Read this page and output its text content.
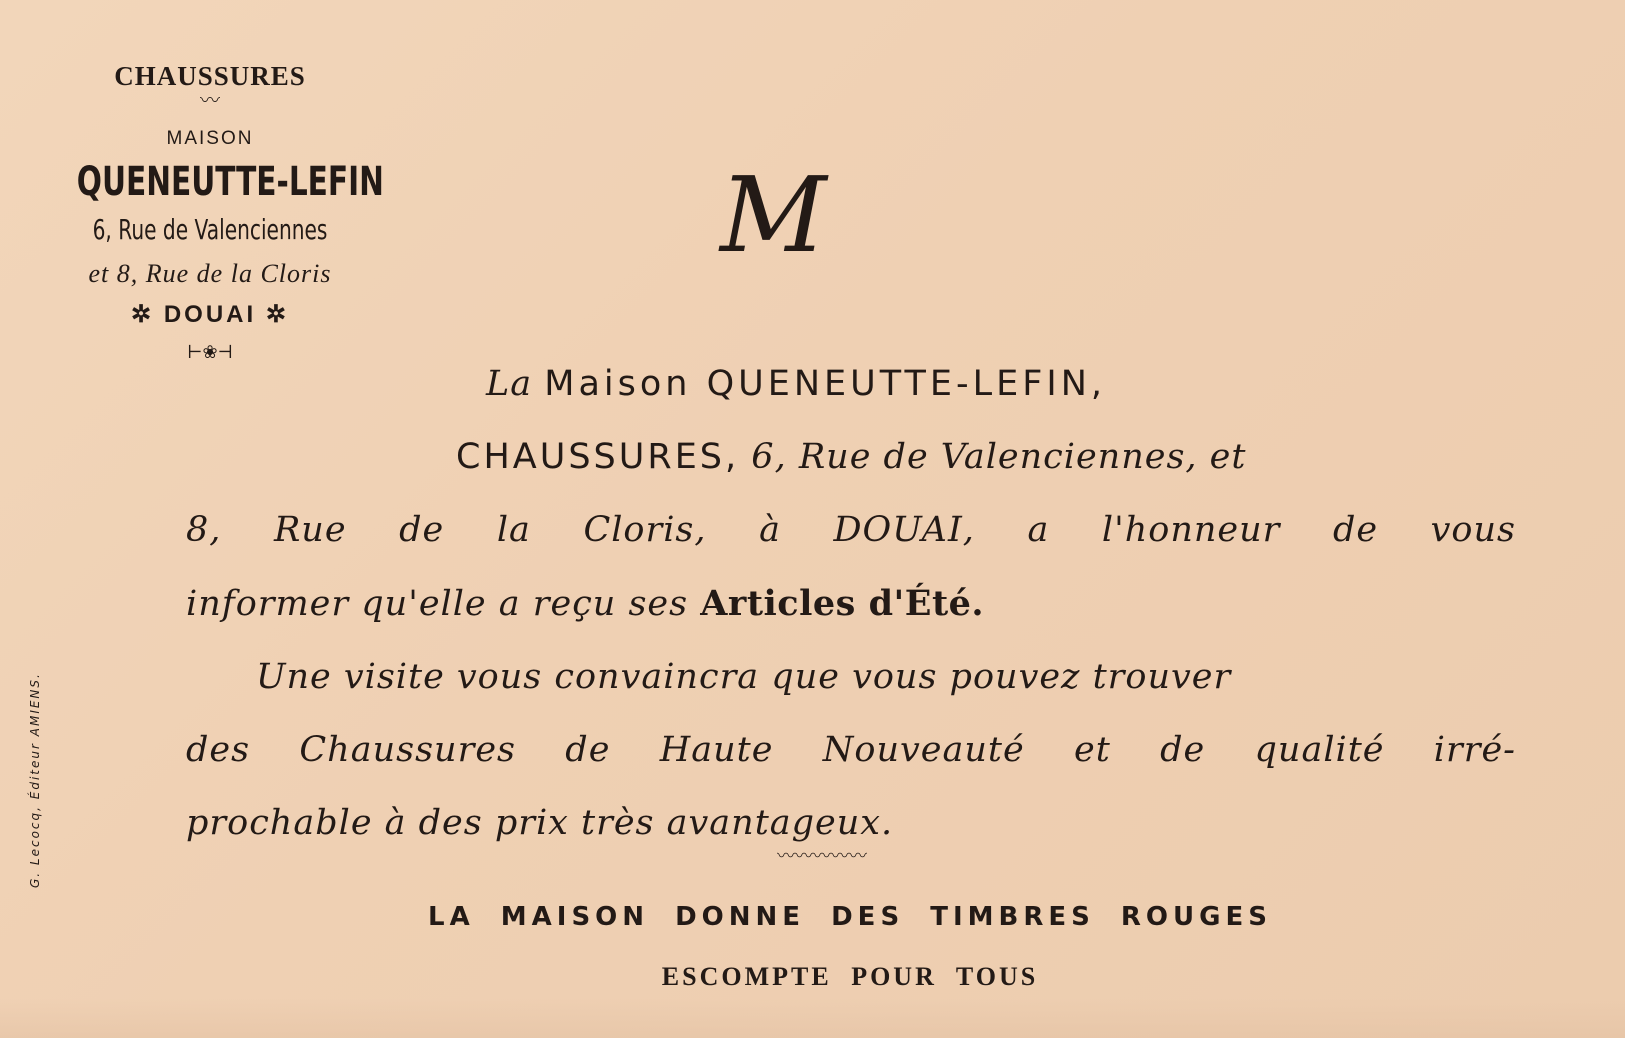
CHAUSSURES
〰
MAISON
QUENEUTTE-LEFIN
6, Rue de Valenciennes
et 8, Rue de la Cloris
✲ DOUAI ✲
⊢❀⊣
G. Lecocq, Éditeur AMIENS.
M
La Maison QUENEUTTE-LEFIN,
CHAUSSURES, 6, Rue de Valenciennes, et
8, Rue de la Cloris, à DOUAI, a l'honneur de vous
informer qu'elle a reçu ses Articles d'Été.
Une visite vous convaincra que vous pouvez trouver
des Chaussures de Haute Nouveauté et de qualité irré-
prochable à des prix très avantageux.
〰〰〰〰〰
LA MAISON DONNE DES TIMBRES ROUGES
ESCOMPTE POUR TOUS
